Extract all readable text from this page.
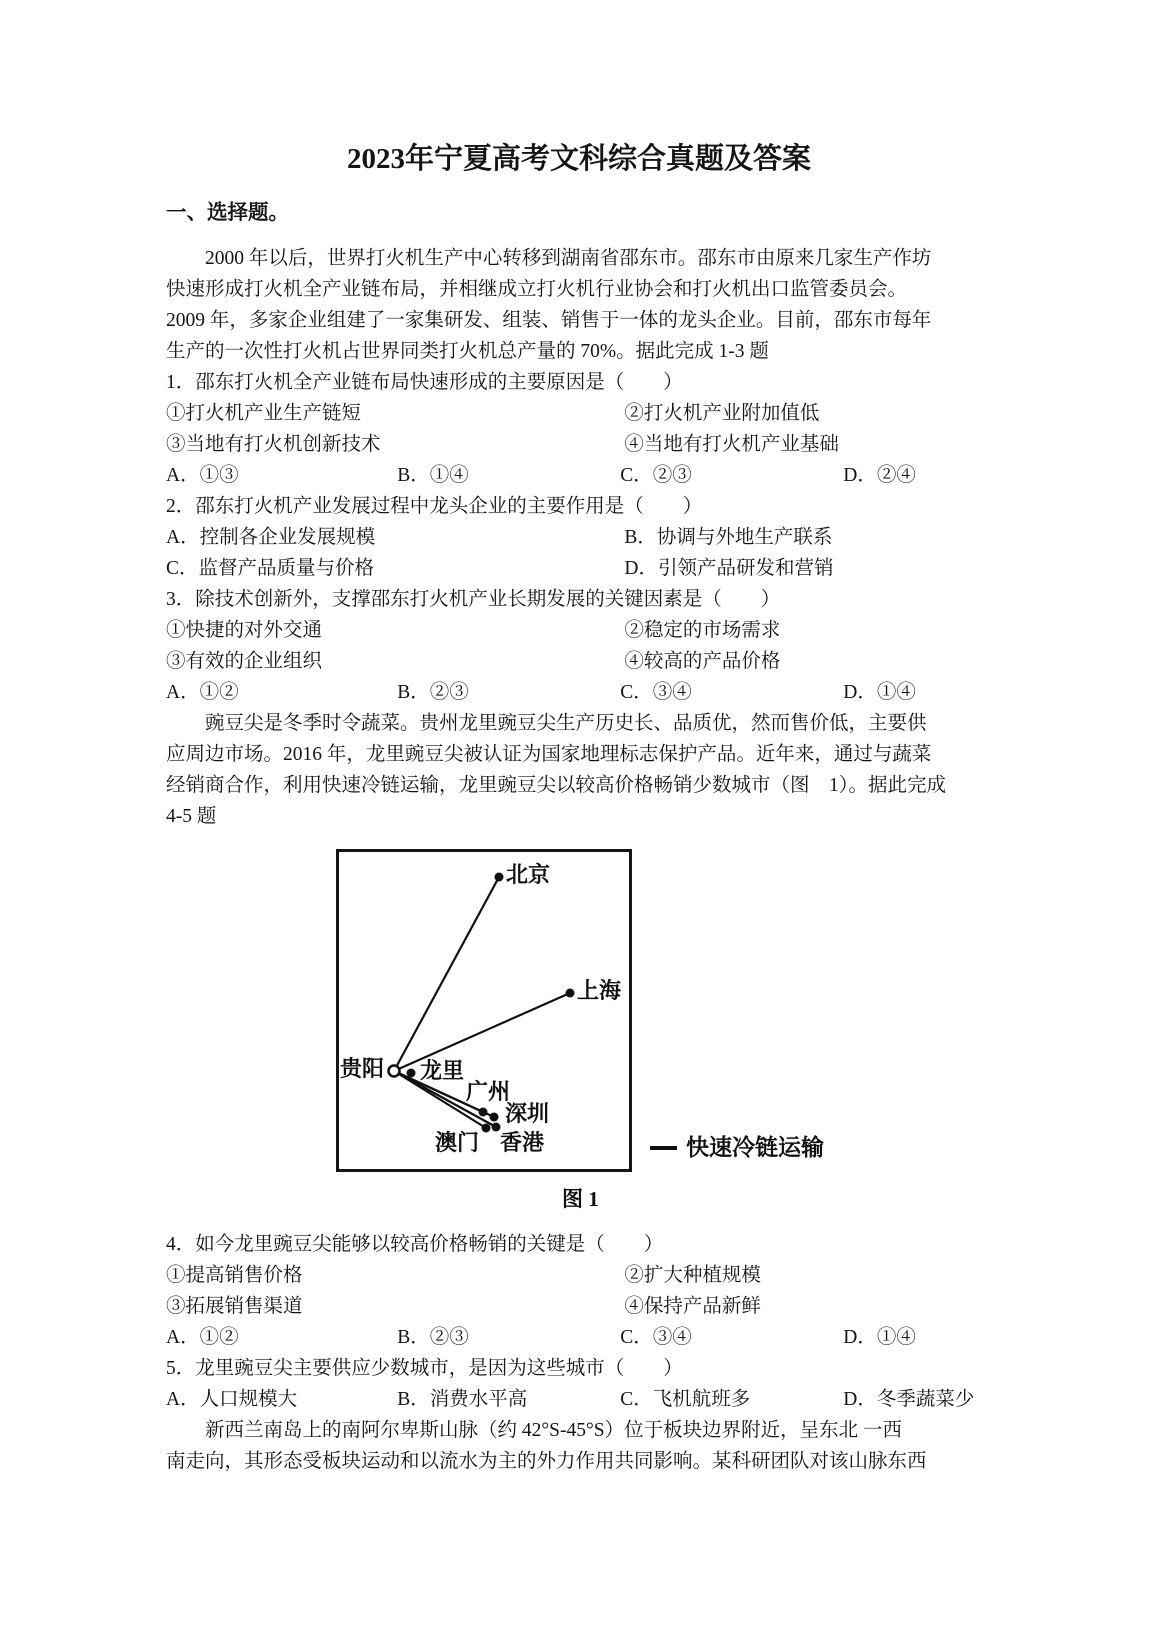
2023年宁夏高考文科综合真题及答案
一、选择题。
2000 年以后，世界打火机生产中心转移到湖南省邵东市。邵东市由原来几家生产作坊
快速形成打火机全产业链布局，并相继成立打火机行业协会和打火机出口监管委员会。
2009 年，多家企业组建了一家集研发、组装、销售于一体的龙头企业。目前，邵东市每年
生产的一次性打火机占世界同类打火机总产量的 70%。据此完成 1-3 题
1．邵东打火机全产业链布局快速形成的主要原因是（　　）
①打火机产业生产链短	②打火机产业附加值低
③当地有打火机创新技术	④当地有打火机产业基础
A．①③	B．①④	C．②③	D．②④
2．邵东打火机产业发展过程中龙头企业的主要作用是（　　）
A．控制各企业发展规模	B．协调与外地生产联系
C．监督产品质量与价格	D．引领产品研发和营销
3．除技术创新外，支撑邵东打火机产业长期发展的关键因素是（　　）
①快捷的对外交通	②稳定的市场需求
③有效的企业组织	④较高的产品价格
A．①②	B．②③	C．③④	D．①④
豌豆尖是冬季时令蔬菜。贵州龙里豌豆尖生产历史长、品质优，然而售价低，主要供
应周边市场。2016 年，龙里豌豆尖被认证为国家地理标志保护产品。近年来，通过与蔬菜
经销商合作，利用快速冷链运输，龙里豌豆尖以较高价格畅销少数城市（图　1）。据此完成
4-5 题
北京
上海
贵阳 龙里
广州
深圳
香港
澳门	快速冷链运输
图 1
4．如今龙里豌豆尖能够以较高价格畅销的关键是（　　）
①提高销售价格	②扩大种植规模
③拓展销售渠道	④保持产品新鲜
A．①②	B．②③	C．③④	D．①④
5．龙里豌豆尖主要供应少数城市，是因为这些城市（　　）
A．人口规模大	B．消费水平高	C．飞机航班多	D．冬季蔬菜少
新西兰南岛上的南阿尔卑斯山脉（约 42°S-45°S）位于板块边界附近，呈东北 一西
南走向，其形态受板块运动和以流水为主的外力作用共同影响。某科研团队对该山脉东西
